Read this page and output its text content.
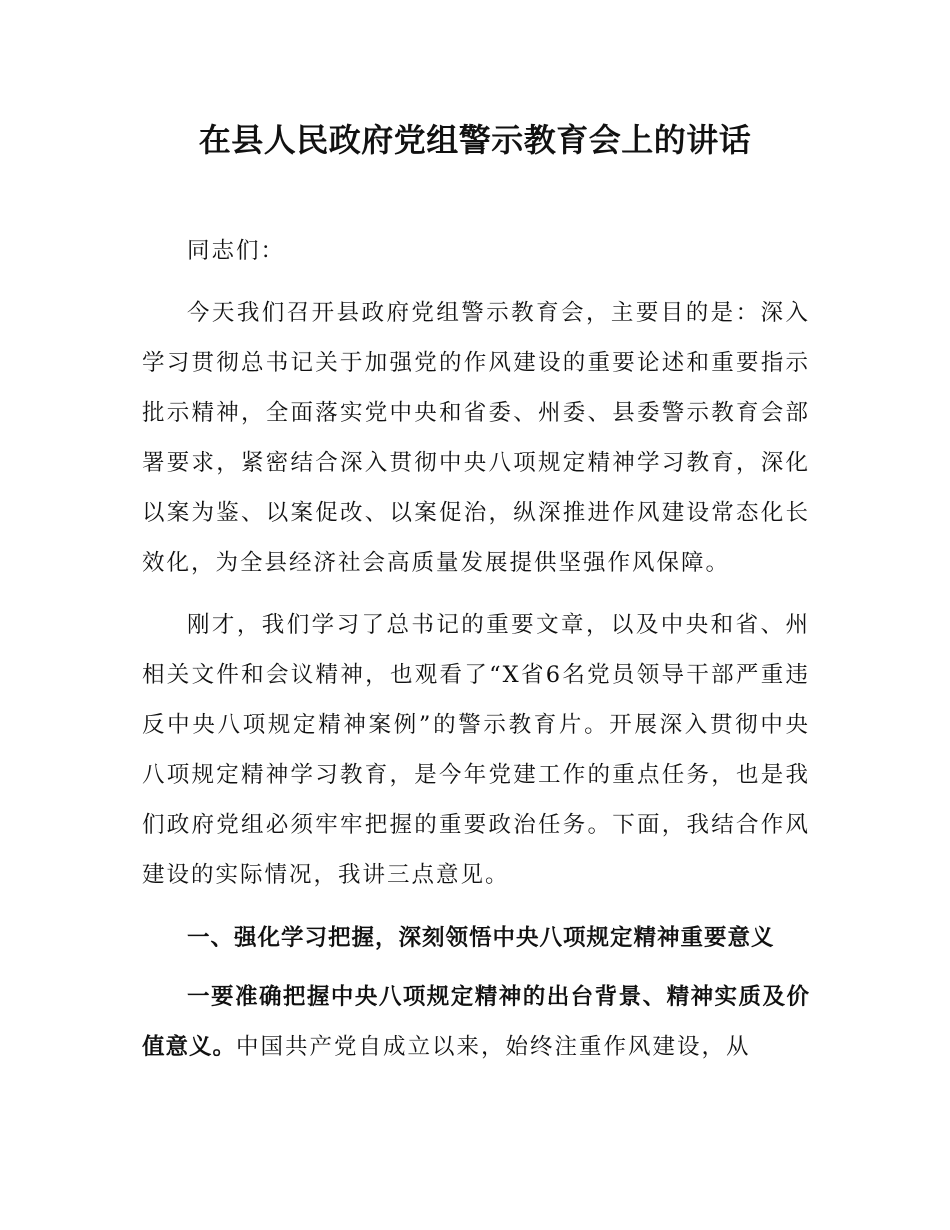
在县人民政府党组警示教育会上的讲话

同志们：

今天我们召开县政府党组警示教育会，主要目的是：深入学习贯彻总书记关于加强党的作风建设的重要论述和重要指示批示精神，全面落实党中央和省委、州委、县委警示教育会部署要求，紧密结合深入贯彻中央八项规定精神学习教育，深化以案为鉴、以案促改、以案促治，纵深推进作风建设常态化长效化，为全县经济社会高质量发展提供坚强作风保障。

刚才，我们学习了总书记的重要文章，以及中央和省、州相关文件和会议精神，也观看了“X省6名党员领导干部严重违反中央八项规定精神案例”的警示教育片。开展深入贯彻中央八项规定精神学习教育，是今年党建工作的重点任务，也是我们政府党组必须牢牢把握的重要政治任务。下面，我结合作风建设的实际情况，我讲三点意见。

一、强化学习把握，深刻领悟中央八项规定精神重要意义

一要准确把握中央八项规定精神的出台背景、精神实质及价值意义。中国共产党自成立以来，始终注重作风建设，从
